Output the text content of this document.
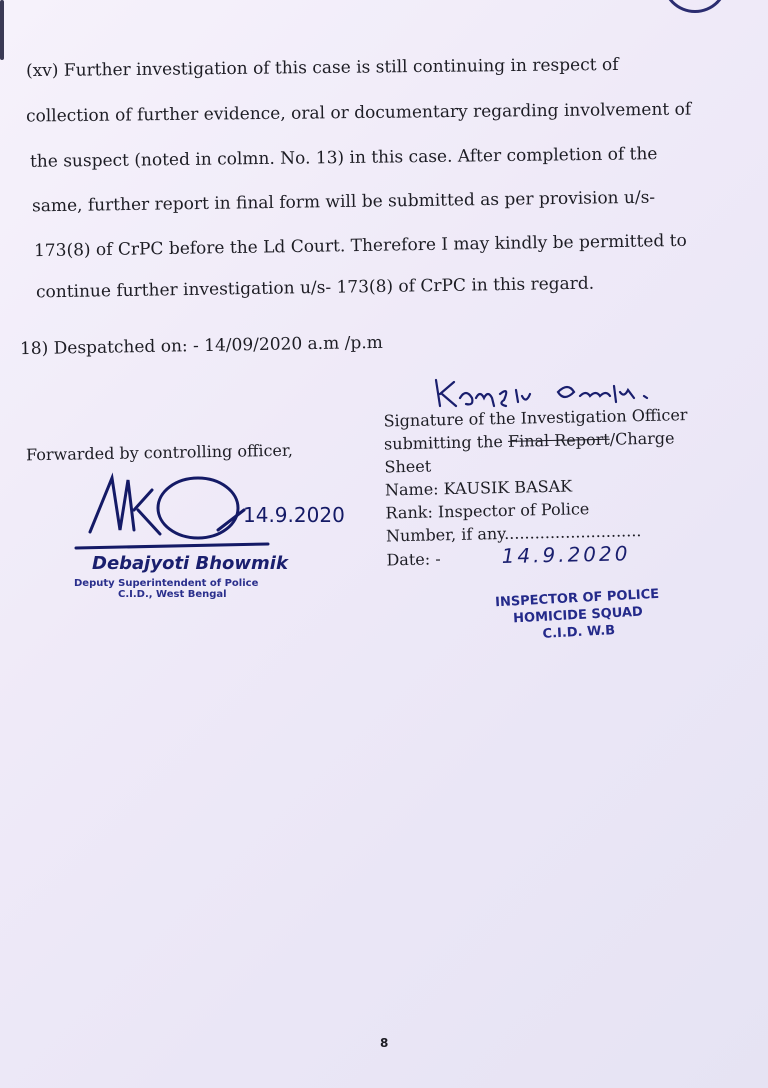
(xv) Further investigation of this case is still continuing in respect of
collection of further evidence, oral or documentary regarding involvement of
the suspect (noted in colmn. No. 13) in this case. After completion of the
same, further report in final form will be submitted as per provision u/s-
173(8) of CrPC before the Ld Court. Therefore I may kindly be permitted to
continue further investigation u/s- 173(8) of CrPC in this regard.
18) Despatched on: - 14/09/2020 a.m /p.m
Kausik Basak
Signature of the Investigation Officer
submitting the Final Report/Charge
Sheet
Name: KAUSIK BASAK
Rank: Inspector of Police
Number, if any...........................
Date: -	14.9.2020
Forwarded by controlling officer,
14.9.2020
Debajyoti Bhowmik
Deputy Superintendent of Police
C.I.D., West Bengal	INSPECTOR OF POLICE
HOMICIDE SQUAD
C.I.D. W.B
8
